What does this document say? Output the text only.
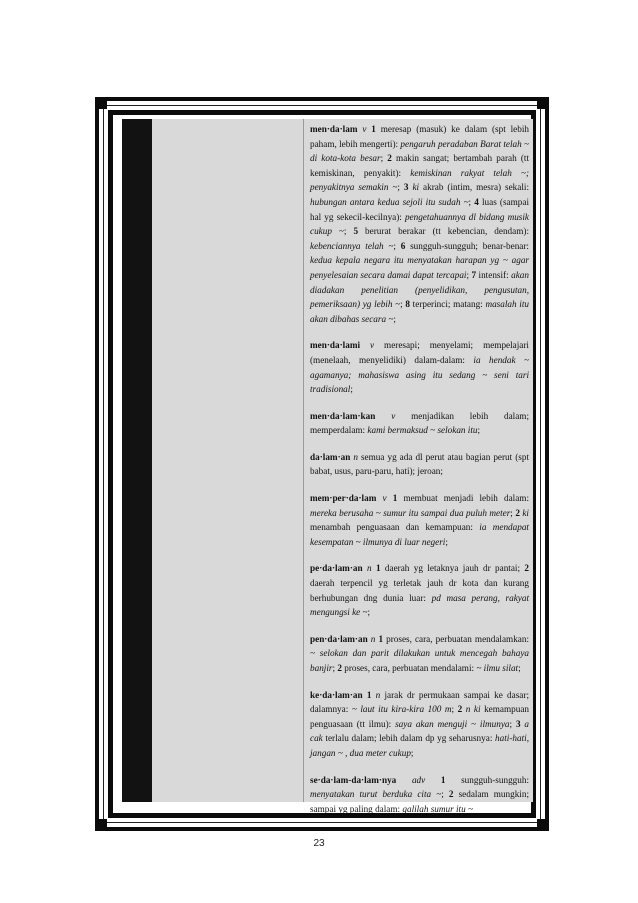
men·da·lam v 1 meresap (masuk) ke dalam (spt lebih paham, lebih mengerti): pengaruh peradaban Barat telah ~ di kota-kota besar; 2 makin sangat; bertambah parah (tt kemiskinan, penyakit): kemiskinan rakyat telah ~; penyakitnya semakin ~; 3 ki akrab (intim, mesra) sekali: hubungan antara kedua sejoli itu sudah ~; 4 luas (sampai hal yg sekecil-kecilnya): pengetahuannya dl bidang musik cukup ~; 5 berurat berakar (tt kebencian, dendam): kebenciannya telah ~; 6 sungguh-sungguh; benar-benar: kedua kepala negara itu menyatakan harapan yg ~ agar penyelesaian secara damai dapat tercapai; 7 intensif: akan diadakan penelitian (penyelidikan, pengusutan, pemeriksaan) yg lebih ~; 8 terperinci; matang: masalah itu akan dibahas secara ~;
men·da·lami v meresapi; menyelami; mempelajari (menelaah, menyelidiki) dalam-dalam: ia hendak ~ agamanya; mahasiswa asing itu sedang ~ seni tari tradisional;
men·da·lam·kan v menjadikan lebih dalam; memperdalam: kami bermaksud ~ selokan itu;
da·lam·an n semua yg ada dl perut atau bagian perut (spt babat, usus, paru-paru, hati); jeroan;
mem·per·da·lam v 1 membuat menjadi lebih dalam: mereka berusaha ~ sumur itu sampai dua puluh meter; 2 ki menambah penguasaan dan kemampuan: ia mendapat kesempatan ~ ilmunya di luar negeri;
pe·da·lam·an n 1 daerah yg letaknya jauh dr pantai; 2 daerah terpencil yg terletak jauh dr kota dan kurang berhubungan dng dunia luar: pd masa perang, rakyat mengungsi ke ~;
pen·da·lam·an n 1 proses, cara, perbuatan mendalamkan: ~ selokan dan parit dilakukan untuk mencegah bahaya banjir; 2 proses, cara, perbuatan mendalami: ~ ilmu silat;
ke·da·lam·an 1 n jarak dr permukaan sampai ke dasar; dalamnya: ~ laut itu kira-kira 100 m; 2 n ki kemampuan penguasaan (tt ilmu): saya akan menguji ~ ilmunya; 3 a cak terlalu dalam; lebih dalam dp yg seharusnya: hati-hati, jangan ~ , dua meter cukup;
se·da·lam-da·lam·nya adv 1 sungguh-sungguh: menyatakan turut berduka cita ~; 2 sedalam mungkin; sampai yg paling dalam: galilah sumur itu ~
23
